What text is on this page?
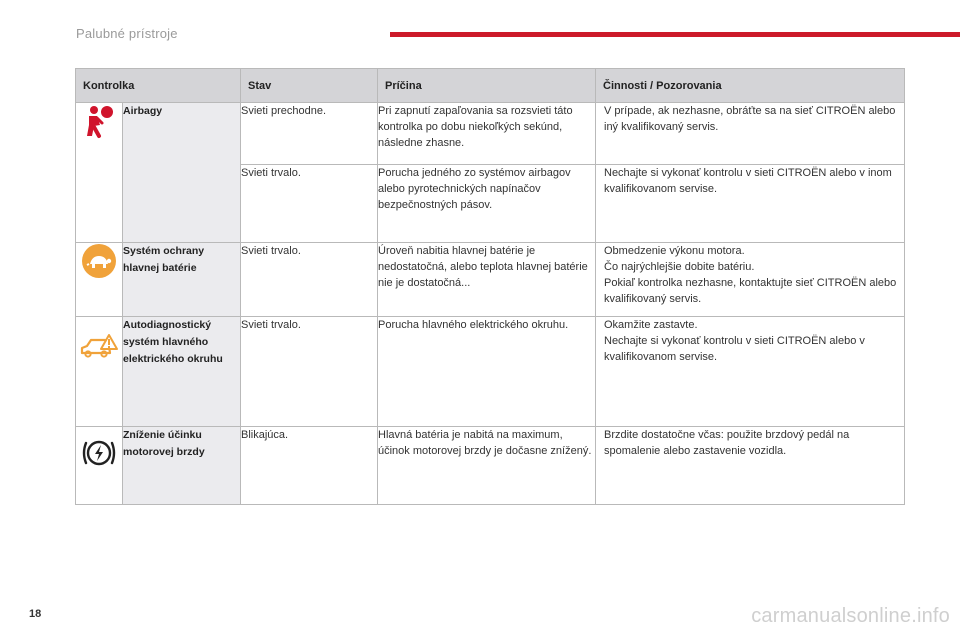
Palubné prístroje
Kontrolka		Stav	Príčina	Činnosti / Pozorovania

	Airbagy	Svieti prechodne.	Pri zapnutí zapaľovania sa rozsvieti táto kontrolka po dobu niekoľkých sekúnd, následne zhasne.	V prípade, ak nezhasne, obráťte sa na sieť CITROËN alebo iný kvalifikovaný servis.
		Svieti trvalo.	Porucha jedného zo systémov airbagov alebo pyrotechnických napínačov bezpečnostných pásov.	Nechajte si vykonať kontrolu v sieti CITROËN alebo v inom kvalifikovanom servise.

	Systém ochrany hlavnej batérie	Svieti trvalo.	Úroveň nabitia hlavnej batérie je nedostatočná, alebo teplota hlavnej batérie nie je dostatočná...	Obmedzenie výkonu motora.
Čo najrýchlejšie dobite batériu.
Pokiaľ kontrolka nezhasne, kontaktujte sieť CITROËN alebo kvalifikovaný servis.

	Autodiagnostický systém hlavného elektrického okruhu	Svieti trvalo.	Porucha hlavného elektrického okruhu.	Okamžite zastavte.
Nechajte si vykonať kontrolu v sieti CITROËN alebo v kvalifikovanom servise.

	Zníženie účinku motorovej brzdy	Blikajúca.	Hlavná batéria je nabitá na maximum, účinok motorovej brzdy je dočasne znížený.	Brzdite dostatočne včas: použite brzdový pedál na spomalenie alebo zastavenie vozidla.
18	carmanualsonline.info
